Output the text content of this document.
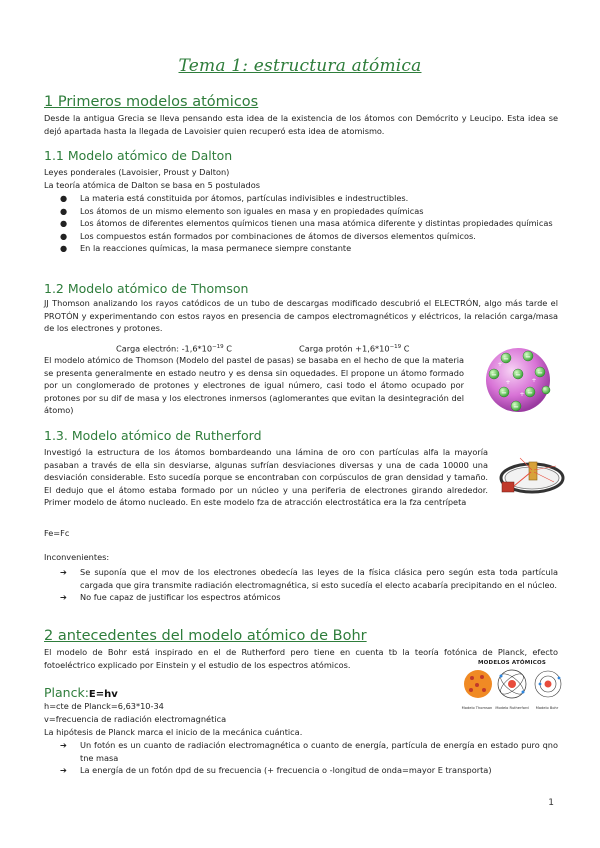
Tema 1: estructura atómica
1 Primeros modelos atómicos
Desde la antigua Grecia se lleva pensando esta idea de la existencia de los átomos con Demócrito y Leucipo. Esta idea se dejó apartada hasta la llegada de Lavoisier quien recuperó esta idea de atomismo.
1.1 Modelo atómico de Dalton
Leyes ponderales (Lavoisier, Proust y Dalton)
La teoría atómica de Dalton se basa en 5 postulados
● La materia está constituida por átomos, partículas indivisibles e indestructibles.
● Los átomos de un mismo elemento son iguales en masa y en propiedades químicas
● Los átomos de diferentes elementos químicos tienen una masa atómica diferente y distintas propiedades químicas
● Los compuestos están formados por combinaciones de átomos de diversos elementos químicos.
● En la reacciones químicas, la masa permanece siempre constante
1.2 Modelo atómico de Thomson
JJ Thomson analizando los rayos catódicos de un tubo de descargas modificado descubrió el ELECTRÓN, algo más tarde el PROTÓN y experimentando con estos rayos en presencia de campos electromagnéticos y eléctricos, la relación carga/masa de los electrones y protones.
Carga electrón: $-1,6*10^{-19}$ C	Carga protón $+1,6*10^{-19}$ C
El modelo atómico de Thomson (Modelo del pastel de pasas) se basaba en el hecho de que la materia se presenta generalmente en estado neutro y es densa sin oquedades. El propone un átomo formado por un conglomerado de protones y electrones de igual número, casi todo el átomo ocupado por protones por su dif de masa y los electrones inmersos (aglomerantes que evitan la desintegración del átomo)
− −
−	− −
−	−
−
+	+
+
+
1.3. Modelo atómico de Rutherford
Investigó la estructura de los átomos bombardeando una lámina de oro con partículas alfa la mayoría pasaban a través de ella sin desviarse, algunas sufrían desviaciones diversas y una de cada 10000 una desviación considerable. Esto sucedía porque se encontraban con corpúsculos de gran densidad y tamaño. El dedujo que el átomo estaba formado por un núcleo y una periferia de electrones girando alrededor. Primer modelo de átomo nucleado. En este modelo fza de atracción electrostática era la fza centrípeta
Fe=Fc
Inconvenientes:
➔ Se suponía que el mov de los electrones obedecía las leyes de la física clásica pero según esta toda partícula cargada que gira transmite radiación electromagnética, si esto sucedía el electo acabaría precipitando en el núcleo.
➔ No fue capaz de justificar los espectros atómicos
2 antecedentes del modelo atómico de Bohr
El modelo de Bohr está inspirado en el de Rutherford pero tiene en cuenta tb la teoría fotónica de Planck, efecto fotoeléctrico explicado por Einstein y el estudio de los espectros atómicos.
Planck:E=hv
h=cte de Planck=6,63*10-34
v=frecuencia de radiación electromagnética
La hipótesis de Planck marca el inicio de la mecánica cuántica.
➔ Un fotón es un cuanto de radiación electromagnética o cuanto de energía, partícula de energía en estado puro qno tne masa
➔ La energía de un fotón dpd de su frecuencia (+ frecuencia o -longitud de onda=mayor E transporta)
MODELOS ATÓMICOS
Modelo Thomson Modelo Rutherford	Modelo Bohr
1
